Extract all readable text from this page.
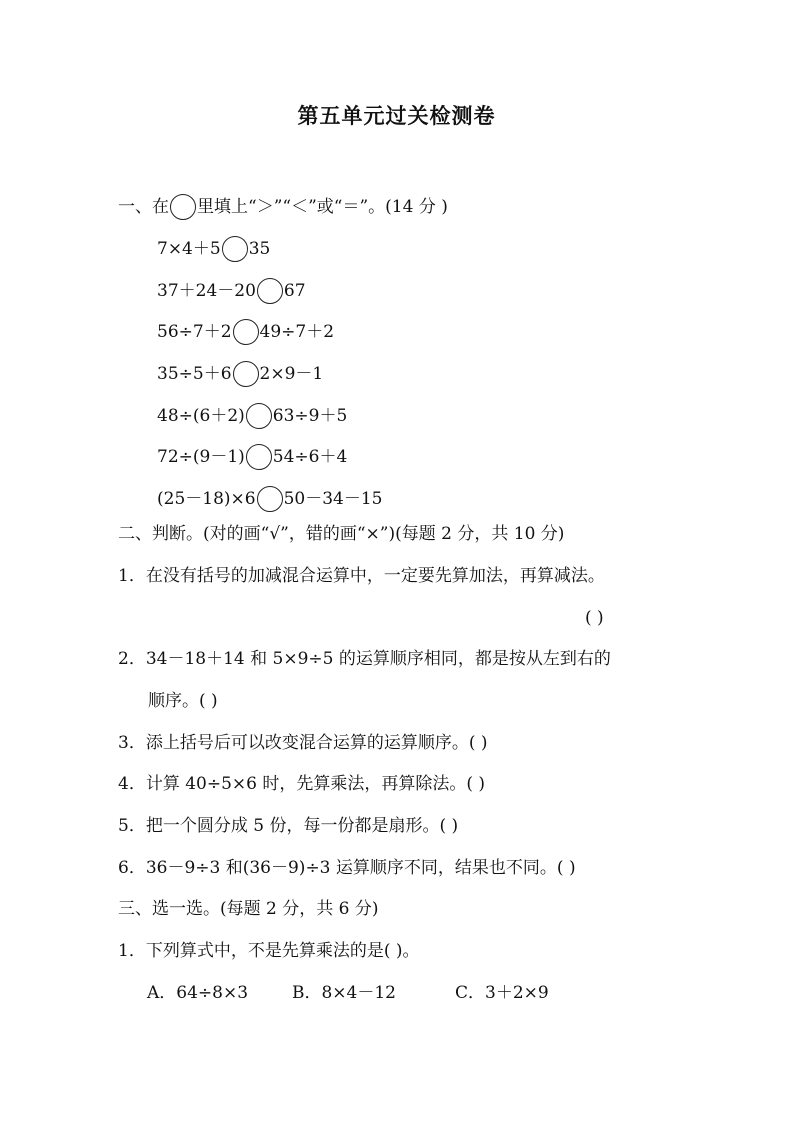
第五单元过关检测卷
一、在 里填上“＞”“＜”或“＝”。(14 分 )
7×4＋5 35
37＋24－20 67
56÷7＋2 49÷7＋2
35÷5＋6 2×9－1
48÷(6＋2) 63÷9＋5
72÷(9－1) 54÷6＋4
(25－18)×6 50－34－15
二、判断。(对的画“√”，错的画“×”)(每题 2 分，共 10 分)
1．在没有括号的加减混合运算中，一定要先算加法，再算减法。
( )
2．34－18＋14 和 5×9÷5 的运算顺序相同，都是按从左到右的
顺序。( )
3．添上括号后可以改变混合运算的运算顺序。( )
4．计算 40÷5×6 时，先算乘法，再算除法。( )
5．把一个圆分成 5 份，每一份都是扇形。( )
6．36－9÷3 和(36－9)÷3 运算顺序不同，结果也不同。( )
三、选一选。(每题 2 分，共 6 分)
1．下列算式中，不是先算乘法的是( )。
A．64÷8×3	B．8×4－12	C．3＋2×9
